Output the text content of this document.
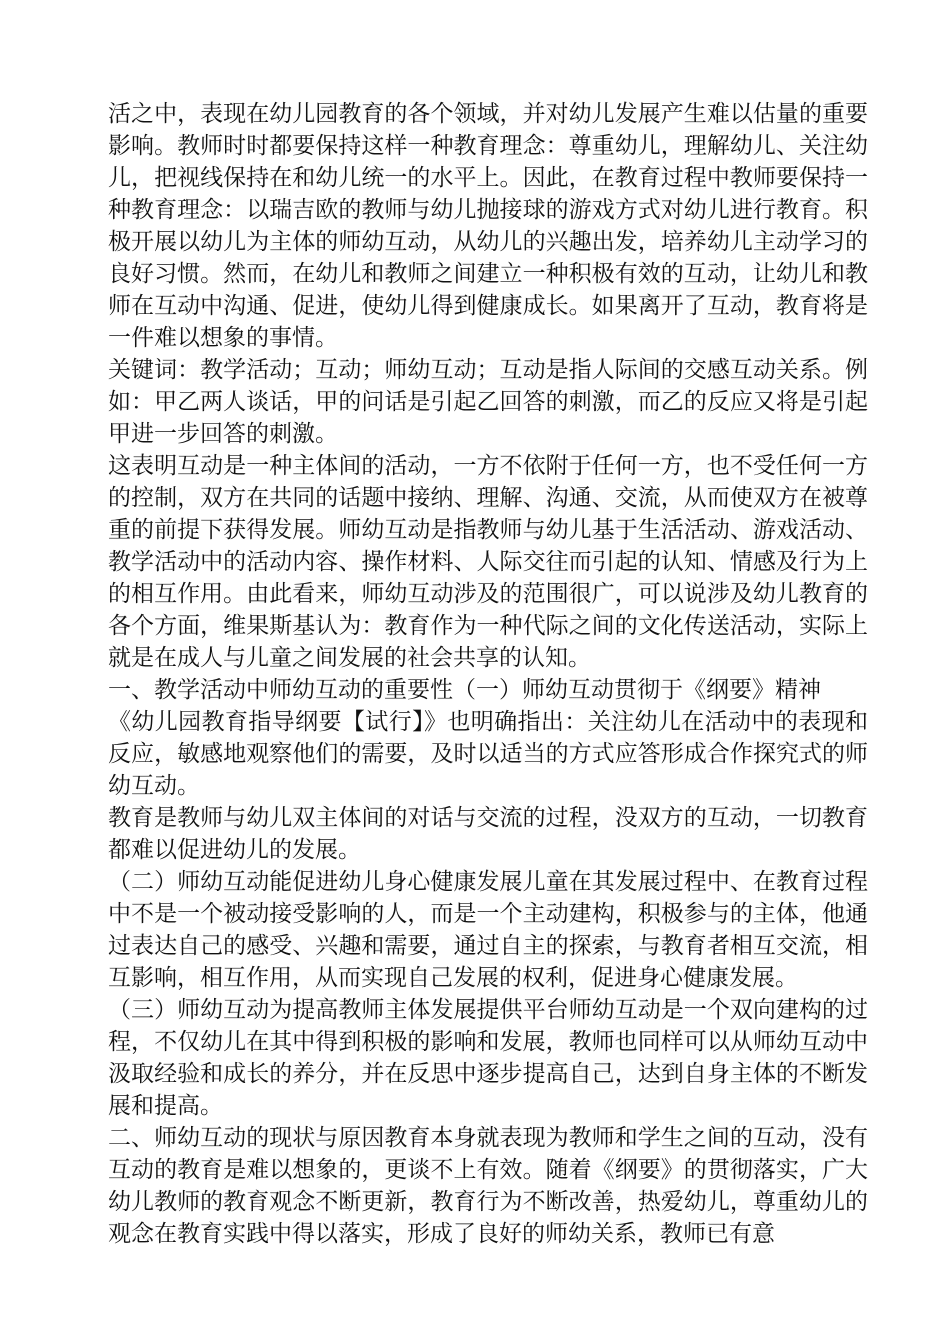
活之中，表现在幼儿园教育的各个领域，并对幼儿发展产生难以估量的重要影响。教师时时都要保持这样一种教育理念：尊重幼儿，理解幼儿、关注幼儿，把视线保持在和幼儿统一的水平上。因此，在教育过程中教师要保持一种教育理念：以瑞吉欧的教师与幼儿抛接球的游戏方式对幼儿进行教育。积极开展以幼儿为主体的师幼互动，从幼儿的兴趣出发，培养幼儿主动学习的良好习惯。然而，在幼儿和教师之间建立一种积极有效的互动，让幼儿和教师在互动中沟通、促进，使幼儿得到健康成长。如果离开了互动，教育将是一件难以想象的事情。

关键词：教学活动；互动；师幼互动；互动是指人际间的交感互动关系。例如：甲乙两人谈话，甲的问话是引起乙回答的刺激，而乙的反应又将是引起甲进一步回答的刺激。

这表明互动是一种主体间的活动，一方不依附于任何一方，也不受任何一方的控制，双方在共同的话题中接纳、理解、沟通、交流，从而使双方在被尊重的前提下获得发展。师幼互动是指教师与幼儿基于生活活动、游戏活动、教学活动中的活动内容、操作材料、人际交往而引起的认知、情感及行为上的相互作用。由此看来，师幼互动涉及的范围很广，可以说涉及幼儿教育的各个方面，维果斯基认为：教育作为一种代际之间的文化传送活动，实际上就是在成人与儿童之间发展的社会共享的认知。

一、教学活动中师幼互动的重要性（一）师幼互动贯彻于《纲要》精神

《幼儿园教育指导纲要【试行】》也明确指出：关注幼儿在活动中的表现和反应，敏感地观察他们的需要，及时以适当的方式应答形成合作探究式的师幼互动。

教育是教师与幼儿双主体间的对话与交流的过程，没双方的互动，一切教育都难以促进幼儿的发展。

（二）师幼互动能促进幼儿身心健康发展儿童在其发展过程中、在教育过程中不是一个被动接受影响的人，而是一个主动建构，积极参与的主体，他通过表达自己的感受、兴趣和需要，通过自主的探索，与教育者相互交流，相互影响，相互作用，从而实现自己发展的权利，促进身心健康发展。

（三）师幼互动为提高教师主体发展提供平台师幼互动是一个双向建构的过程，不仅幼儿在其中得到积极的影响和发展，教师也同样可以从师幼互动中汲取经验和成长的养分，并在反思中逐步提高自己，达到自身主体的不断发展和提高。

二、师幼互动的现状与原因教育本身就表现为教师和学生之间的互动，没有互动的教育是难以想象的，更谈不上有效。随着《纲要》的贯彻落实，广大幼儿教师的教育观念不断更新，教育行为不断改善，热爱幼儿，尊重幼儿的观念在教育实践中得以落实，形成了良好的师幼关系，教师已有意
